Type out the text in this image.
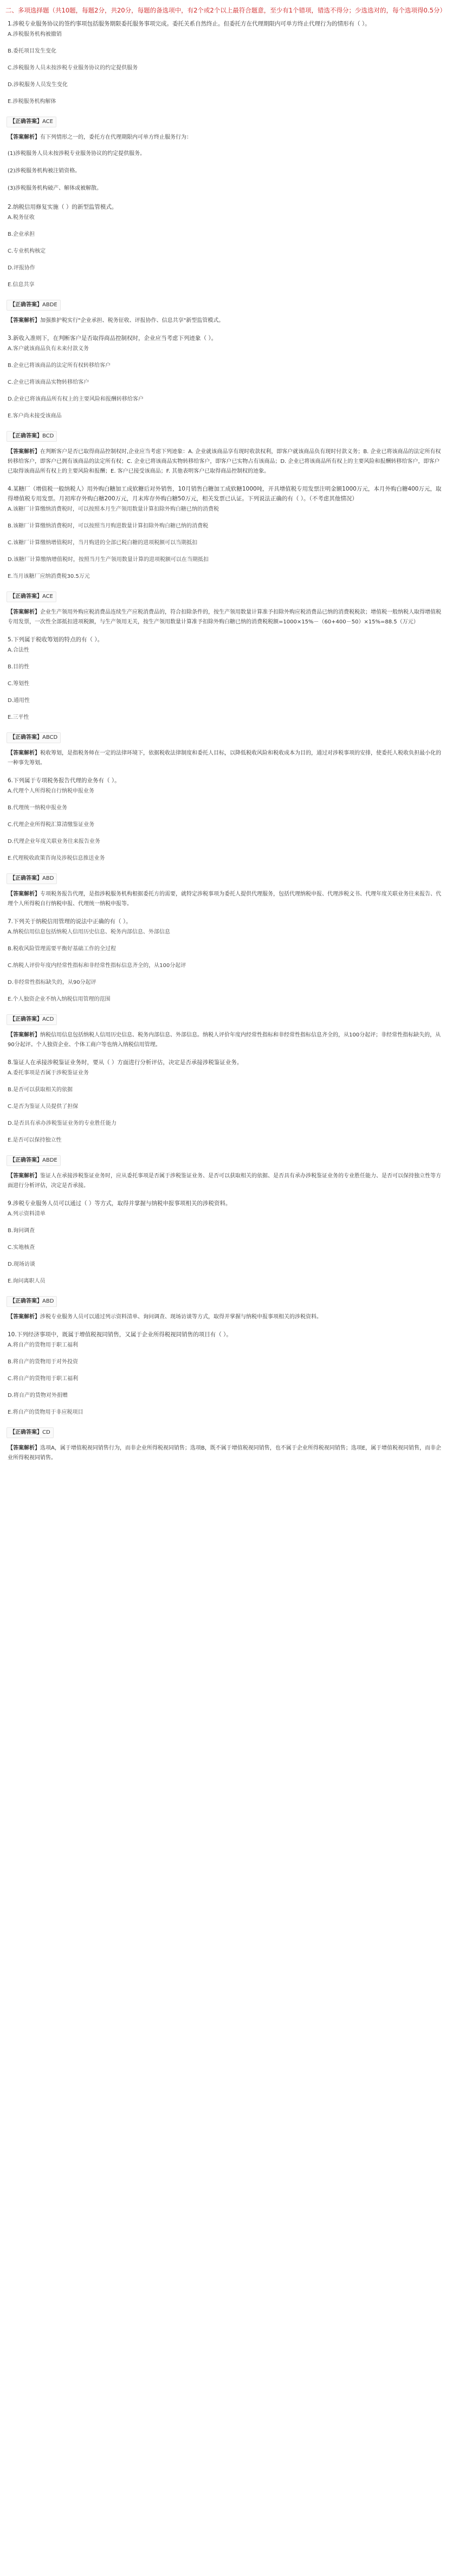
二、多项选择题（共10题，每题2分，共20分，每题的备选项中，有2个或2个以上最符合题意，至少有1个错项，错选不得分；少选选对的，每个选项得0.5分）
1.涉税专业服务协议的签约事项包括服务期限委托服务事项完成。委托关系自然终止。但委托方在代理期限内可单方终止代理行为的情形有（ ）。
A.涉税服务机构被撤销
B.委托项目发生变化
C.涉税服务人员未按涉税专业服务协议的约定提供服务
D.涉税服务人员发生变化
E.涉税服务机构解体
【正确答案】ACE
【答案解析】有下列情形之一的，委托方在代理期限内可单方终止服务行为：
(1)涉税服务人员未按涉税专业服务协议的约定提供服务。
(2)涉税服务机构被注销资格。
(3)涉税服务机构破产、解体或被解散。
2.纳税信用修复实施（ ）的新型监管模式。
A.税务征收
B.企业承担
C.专业机构核定
D.评报协作
E.信息共享
【正确答案】ABDE
【答案解析】加强推护税实行"企业承担、税务征收、评报协作、信息共享"新型监管模式。
3.新收入准则下，在判断客户是否取得商品控制权时，企业应当考虑下列迹象（ ）。
A.客户就该商品负有未来付款义务
B.企业已将该商品的法定所有权转移给客户
C.企业已将该商品实物转移给客户
D.企业已将该商品所有权上的主要风险和报酬转移给客户
E.客户尚未接受该商品
【正确答案】BCD
【答案解析】在判断客户是否已取得商品控制权时,企业应当考虑下列迹象：A. 企业就该商品享有现时收款权利，即客户就该商品负有现时付款义务；B. 企业已将该商品的法定所有权转移给客户，即客户已拥有该商品的法定所有权；C. 企业已将该商品实物转移给客户，即客户已实物占有该商品；D. 企业已将该商品所有权上的主要风险和报酬转移给客户，即客户已取得该商品所有权上的主要风险和报酬；E. 客户已接受该商品；F. 其他表明客户已取得商品控制权的迹象。
4.某糖厂（增值税一般纳税人）用外购白糖加工成软糖后对外销售，10月销售白糖加工成软糖1000吨，开具增值税专用发票注明金额1000万元，本月外购白糖400万元，取得增值税专用发票。月初库存外购白糖200万元，月末库存外购白糖50万元，相关发票已认证。下列说法正确的有（ ）。（不考虑其他情况）
A.该糖厂计算缴纳消费税时，可以按照本月生产领用数量计算扣除外购白糖已纳的消费税
B.该糖厂计算缴纳消费税时，可以按照当月购进数量计算扣除外购白糖已纳的消费税
C.该糖厂计算缴纳增值税时，当月购进的全部已税白糖的进项税额可以当期抵扣
D.该糖厂计算缴纳增值税时，按照当月生产领用数量计算的进项税额可以在当期抵扣
E.当月该糖厂应纳消费税30.5万元
【正确答案】ACE
【答案解析】企业生产领用外购应税消费品连续生产应税消费品的，符合扣除条件的，按生产领用数量计算准予扣除外购应税消费品已纳的消费税税款；增值税一般纳税人取得增值税专用发票，一次性全部抵扣进项税额，与生产领用无关，按生产领用数量计算准予扣除外购白糖已纳的消费税税额=1000×15%－（60+400－50）×15%=88.5（万元）
5.下列属于税收筹划的特点的有（ ）。
A.合法性
B.目的性
C.筹划性
D.通用性
E.三平性
【正确答案】ABCD
【答案解析】税收筹划，是指税务师在一定的法律环境下，依据税收法律制度和委托人目标，以降低税收风险和税收成本为目的，通过对涉税事项的安排，使委托人税收负担最小化的一种事先筹划。
6.下列属于专项税务报告代理的业务有（ ）。
A.代理个人所得税自行纳税申报业务
B.代理统一纳税申报业务
C.代理企业所得税汇算清缴鉴证业务
D.代理企业年度关联业务往来报告业务
E.代理税收政策咨询及涉税信息推送业务
【正确答案】ABD
【答案解析】专项税务报告代理，是指涉税服务机构根据委托方的需要，就特定涉税事项为委托人提供代理服务，包括代理纳税申报、代理涉税文书、代理年度关联业务往来报告、代理个人所得税自行纳税申报、代理统一纳税申报等。
7.下列关于纳税信用管理的说法中正确的有（ ）。
A.纳税信用信息包括纳税人信用历史信息、税务内部信息、外部信息
B.税收风险管理需要平衡好基础工作的全过程
C.纳税人评价年度内经常性指标和非经常性指标信息齐全的，从100分起评
D.非经常性指标缺失的，从90分起评
E.个人独资企业不纳入纳税信用管理的范围
【正确答案】ACD
【答案解析】纳税信用信息包括纳税人信用历史信息、税务内部信息、外部信息。纳税人评价年度内经常性指标和非经常性指标信息齐全的，从100分起评；非经常性指标缺失的，从90分起评。个人独资企业、个体工商户等也纳入纳税信用管理。
8.鉴证人在承接涉税鉴证业务时，要从（ ）方面进行分析评估，决定是否承接涉税鉴证业务。
A.委托事项是否属于涉税鉴证业务
B.是否可以获取相关的依据
C.是否为鉴证人员提供了担保
D.是否具有承办涉税鉴证业务的专业胜任能力
E.是否可以保持独立性
【正确答案】ABDE
【答案解析】鉴证人在承接涉税鉴证业务时，应从委托事项是否属于涉税鉴证业务、是否可以获取相关的依据、是否具有承办涉税鉴证业务的专业胜任能力、是否可以保持独立性等方面进行分析评估，决定是否承接。
9.涉税专业服务人员可以通过（ ）等方式，取得并掌握与纳税申报事项相关的涉税资料。
A.列示资料清单
B.询问调查
C.实地核查
D.现场访谈
E.询问离职人员
【正确答案】ABD
【答案解析】涉税专业服务人员可以通过列示资料清单、询问调查、现场访谈等方式，取得并掌握与纳税申报事项相关的涉税资料。
10.下列经济事项中，既属于增值税视同销售，又属于企业所得税视同销售的项目有（ ）。
A.将自产的货物用于职工福利
B.将自产的货物用于对外投资
C.将自产的货物用于职工福利
D.将自产的货物对外捐赠
E.将自产的货物用于非应税项目
【正确答案】CD
【答案解析】选项A，属于增值税视同销售行为，而非企业所得税视同销售；选项B，既不属于增值税视同销售，也不属于企业所得税视同销售；选项E，属于增值税视同销售，而非企业所得税视同销售。
